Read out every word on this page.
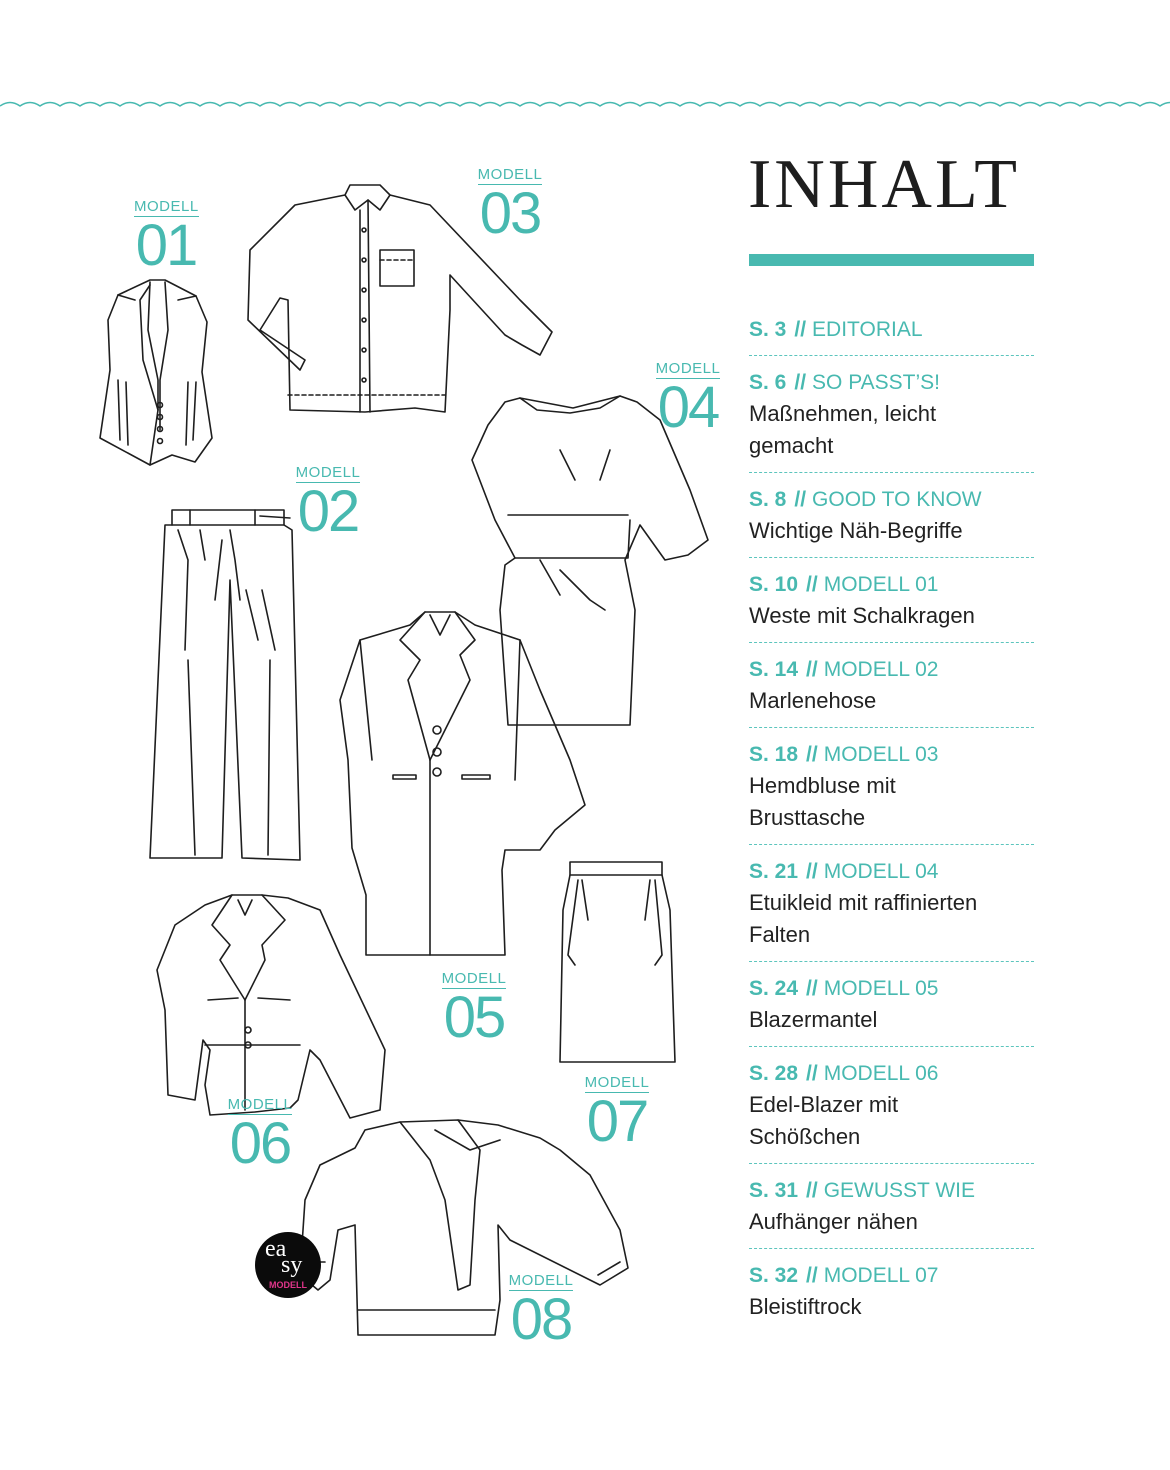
INHALT
S. 3 // EDITORIAL
S. 6 // SO PASST’S!
Maßnehmen, leicht
gemacht
S. 8 // GOOD TO KNOW
Wichtige Näh-Begriffe
S. 10 // MODELL 01
Weste mit Schalkragen
S. 14 // MODELL 02
Marlenehose
S. 18 // MODELL 03
Hemdbluse mit
Brusttasche
S. 21 // MODELL 04
Etuikleid mit raffinierten
Falten
S. 24 // MODELL 05
Blazermantel
S. 28 // MODELL 06
Edel-Blazer mit
Schößchen
S. 31 // GEWUSST WIE
Aufhänger nähen
S. 32 // MODELL 07
Bleistiftrock
MODELL
01
MODELL
02
MODELL
03
MODELL
04
MODELL
05
MODELL
06
MODELL
07
MODELL
08
ea
sy
MODELL
